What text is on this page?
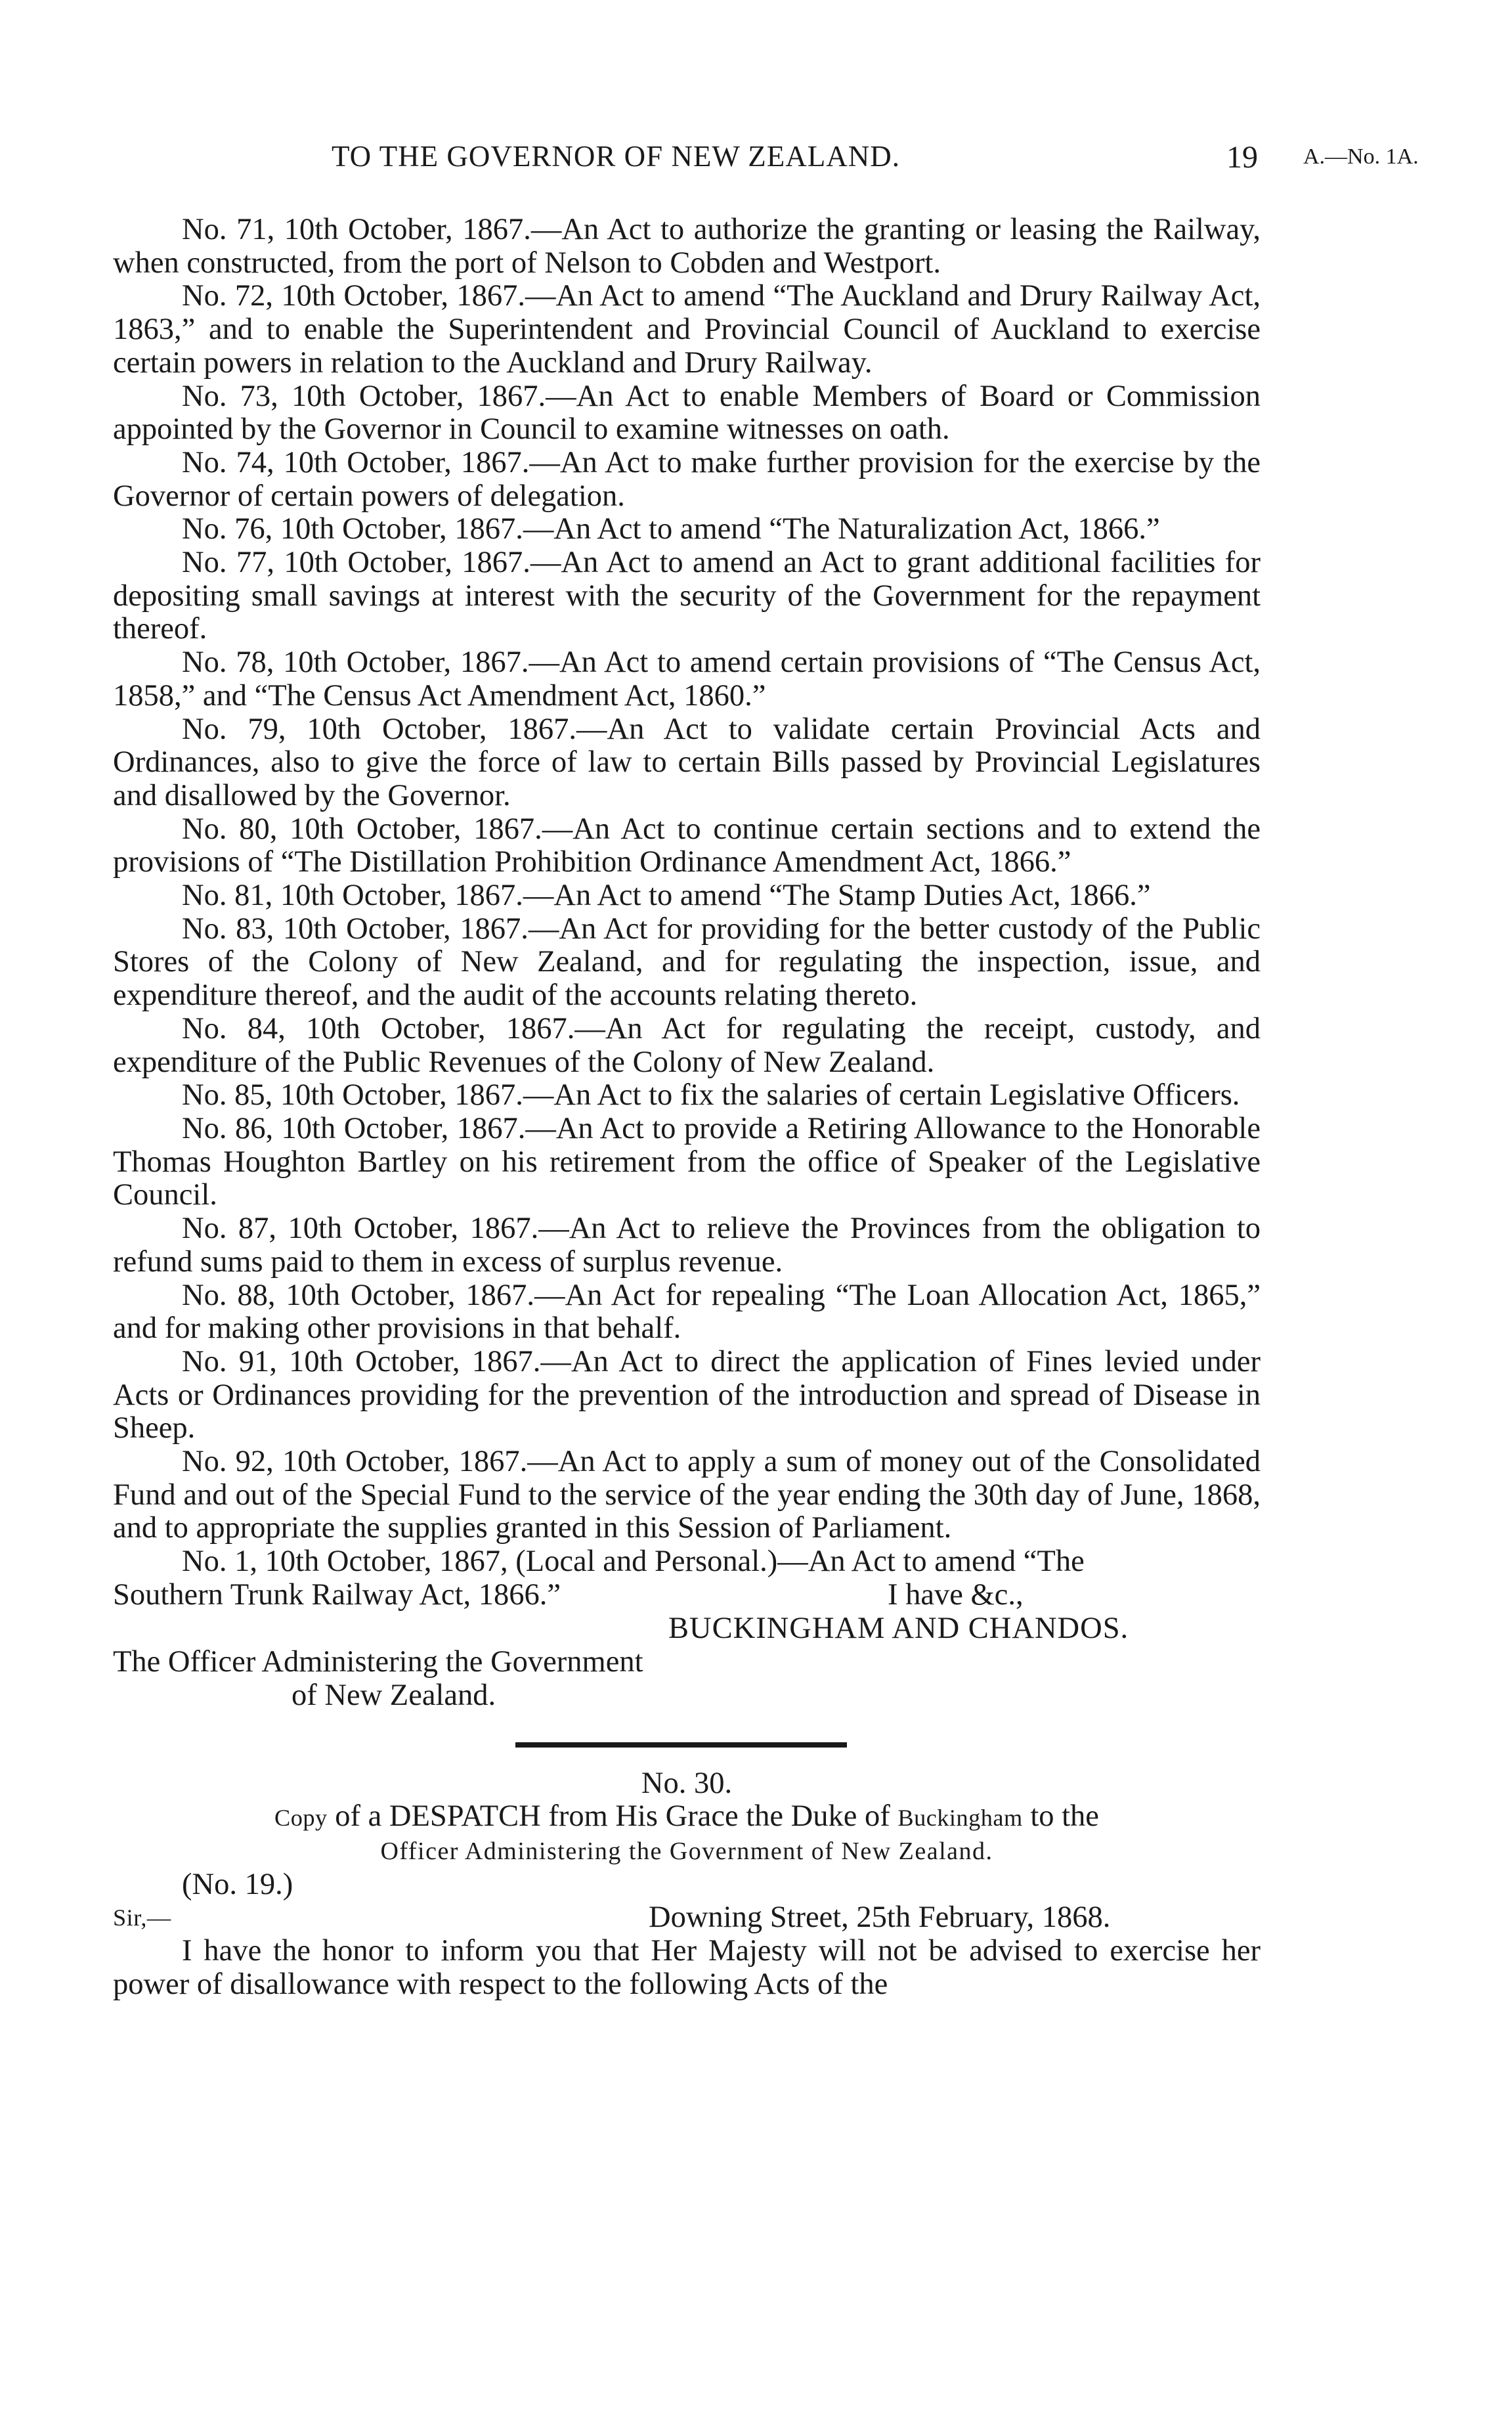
TO THE GOVERNOR OF NEW ZEALAND.	19 A.—No. 1A.

No. 71, 10th October, 1867.—An Act to authorize the granting or leasing the Railway, when constructed, from the port of Nelson to Cobden and Westport.

No. 72, 10th October, 1867.—An Act to amend “The Auckland and Drury Railway Act, 1863,” and to enable the Superintendent and Provincial Council of Auckland to exercise certain powers in relation to the Auckland and Drury Railway.

No. 73, 10th October, 1867.—An Act to enable Members of Board or Commission appointed by the Governor in Council to examine witnesses on oath.

No. 74, 10th October, 1867.—An Act to make further provision for the exercise by the Governor of certain powers of delegation.

No. 76, 10th October, 1867.—An Act to amend “The Naturalization Act, 1866.”

No. 77, 10th October, 1867.—An Act to amend an Act to grant additional facilities for depositing small savings at interest with the security of the Government for the repayment thereof.

No. 78, 10th October, 1867.—An Act to amend certain provisions of “The Census Act, 1858,” and “The Census Act Amendment Act, 1860.”

No. 79, 10th October, 1867.—An Act to validate certain Provincial Acts and Ordinances, also to give the force of law to certain Bills passed by Provincial Legislatures and disallowed by the Governor.

No. 80, 10th October, 1867.—An Act to continue certain sections and to extend the provisions of “The Distillation Prohibition Ordinance Amendment Act, 1866.”

No. 81, 10th October, 1867.—An Act to amend “The Stamp Duties Act, 1866.”

No. 83, 10th October, 1867.—An Act for providing for the better custody of the Public Stores of the Colony of New Zealand, and for regulating the inspection, issue, and expenditure thereof, and the audit of the accounts relating thereto.

No. 84, 10th October, 1867.—An Act for regulating the receipt, custody, and expenditure of the Public Revenues of the Colony of New Zealand.

No. 85, 10th October, 1867.—An Act to fix the salaries of certain Legislative Officers.

No. 86, 10th October, 1867.—An Act to provide a Retiring Allowance to the Honorable Thomas Houghton Bartley on his retirement from the office of Speaker of the Legislative Council.

No. 87, 10th October, 1867.—An Act to relieve the Provinces from the obligation to refund sums paid to them in excess of surplus revenue.

No. 88, 10th October, 1867.—An Act for repealing “The Loan Allocation Act, 1865,” and for making other provisions in that behalf.

No. 91, 10th October, 1867.—An Act to direct the application of Fines levied under Acts or Ordinances providing for the prevention of the introduction and spread of Disease in Sheep.

No. 92, 10th October, 1867.—An Act to apply a sum of money out of the Consolidated Fund and out of the Special Fund to the service of the year ending the 30th day of June, 1868, and to appropriate the supplies granted in this Session of Parliament.

No. 1, 10th October, 1867, (Local and Personal.)—An Act to amend “The

Southern Trunk Railway Act, 1866.”	I have &c.,
BUCKINGHAM AND CHANDOS.
The Officer Administering the Government

of New Zealand.

No. 30.

Copy of a DESPATCH from His Grace the Duke of Buckingham to the

Officer Administering the Government of New Zealand.

(No. 19.)

Sir,—	Downing Street, 25th February, 1868.

I have the honor to inform you that Her Majesty will not be advised to exercise her power of disallowance with respect to the following Acts of the
